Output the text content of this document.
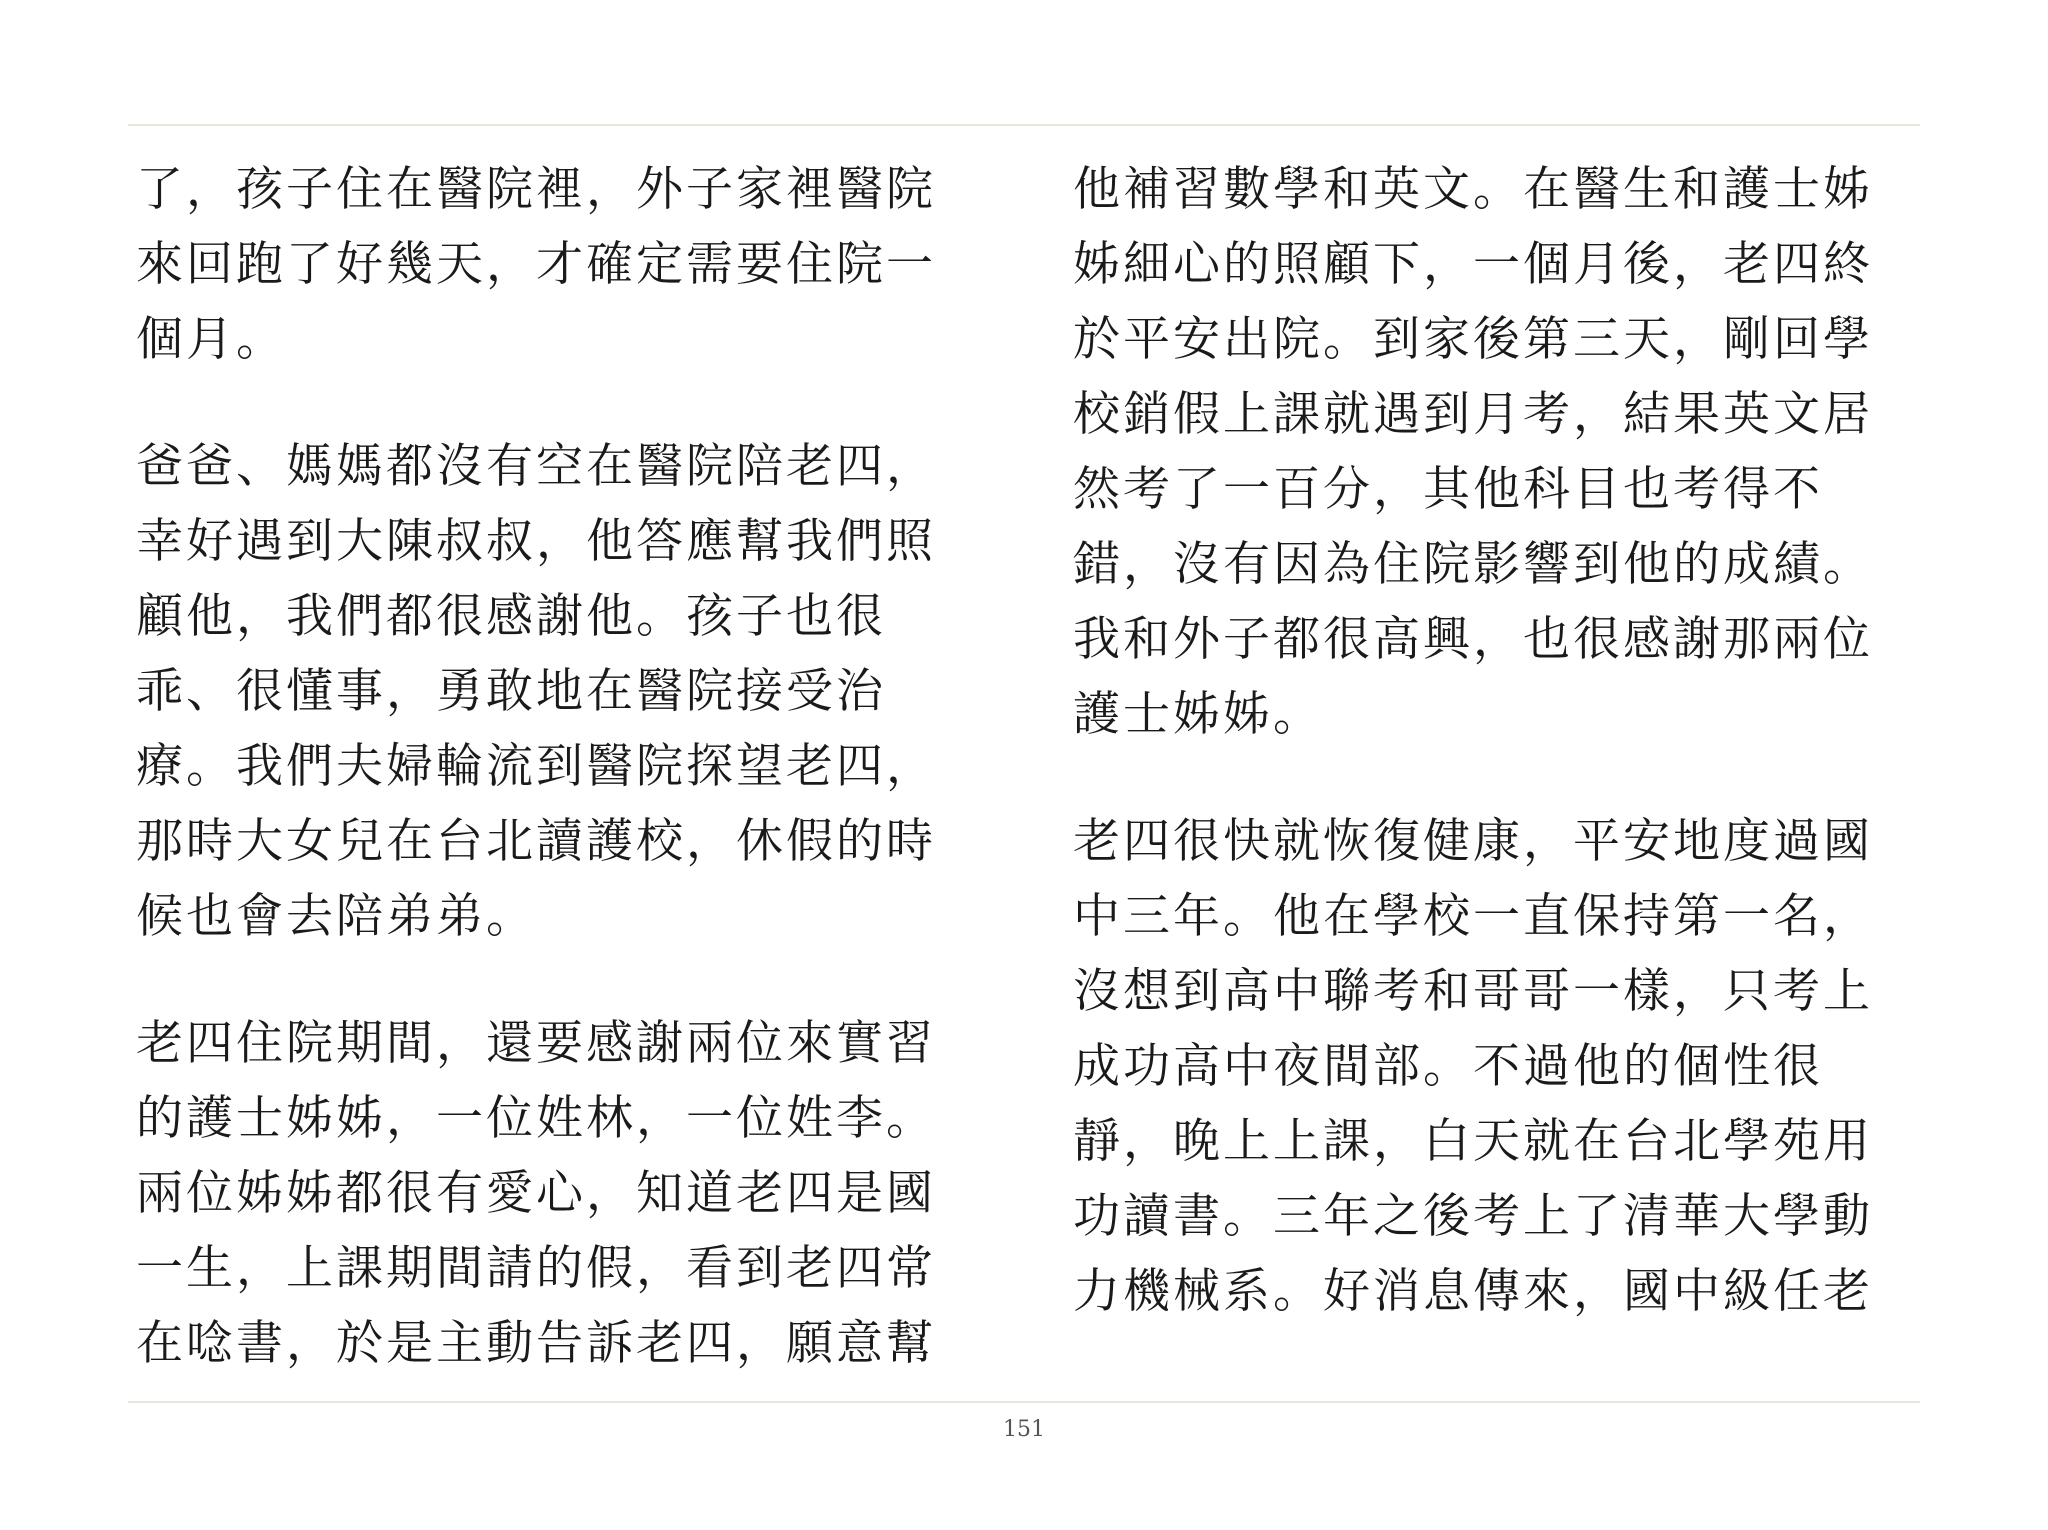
了，孩子住在醫院裡，外子家裡醫院
來回跑了好幾天，才確定需要住院一
個月。

爸爸、媽媽都沒有空在醫院陪老四，
幸好遇到大陳叔叔，他答應幫我們照
顧他，我們都很感謝他。孩子也很
乖、很懂事，勇敢地在醫院接受治
療。我們夫婦輪流到醫院探望老四，
那時大女兒在台北讀護校，休假的時
候也會去陪弟弟。

老四住院期間，還要感謝兩位來實習
的護士姊姊，一位姓林，一位姓李。
兩位姊姊都很有愛心，知道老四是國
一生，上課期間請的假，看到老四常
在唸書，於是主動告訴老四，願意幫

他補習數學和英文。在醫生和護士姊
姊細心的照顧下，一個月後，老四終
於平安出院。到家後第三天，剛回學
校銷假上課就遇到月考，結果英文居
然考了一百分，其他科目也考得不
錯，沒有因為住院影響到他的成績。
我和外子都很高興，也很感謝那兩位
護士姊姊。

老四很快就恢復健康，平安地度過國
中三年。他在學校一直保持第一名，
沒想到高中聯考和哥哥一樣，只考上
成功高中夜間部。不過他的個性很
靜，晚上上課，白天就在台北學苑用
功讀書。三年之後考上了清華大學動
力機械系。好消息傳來，國中級任老

151
